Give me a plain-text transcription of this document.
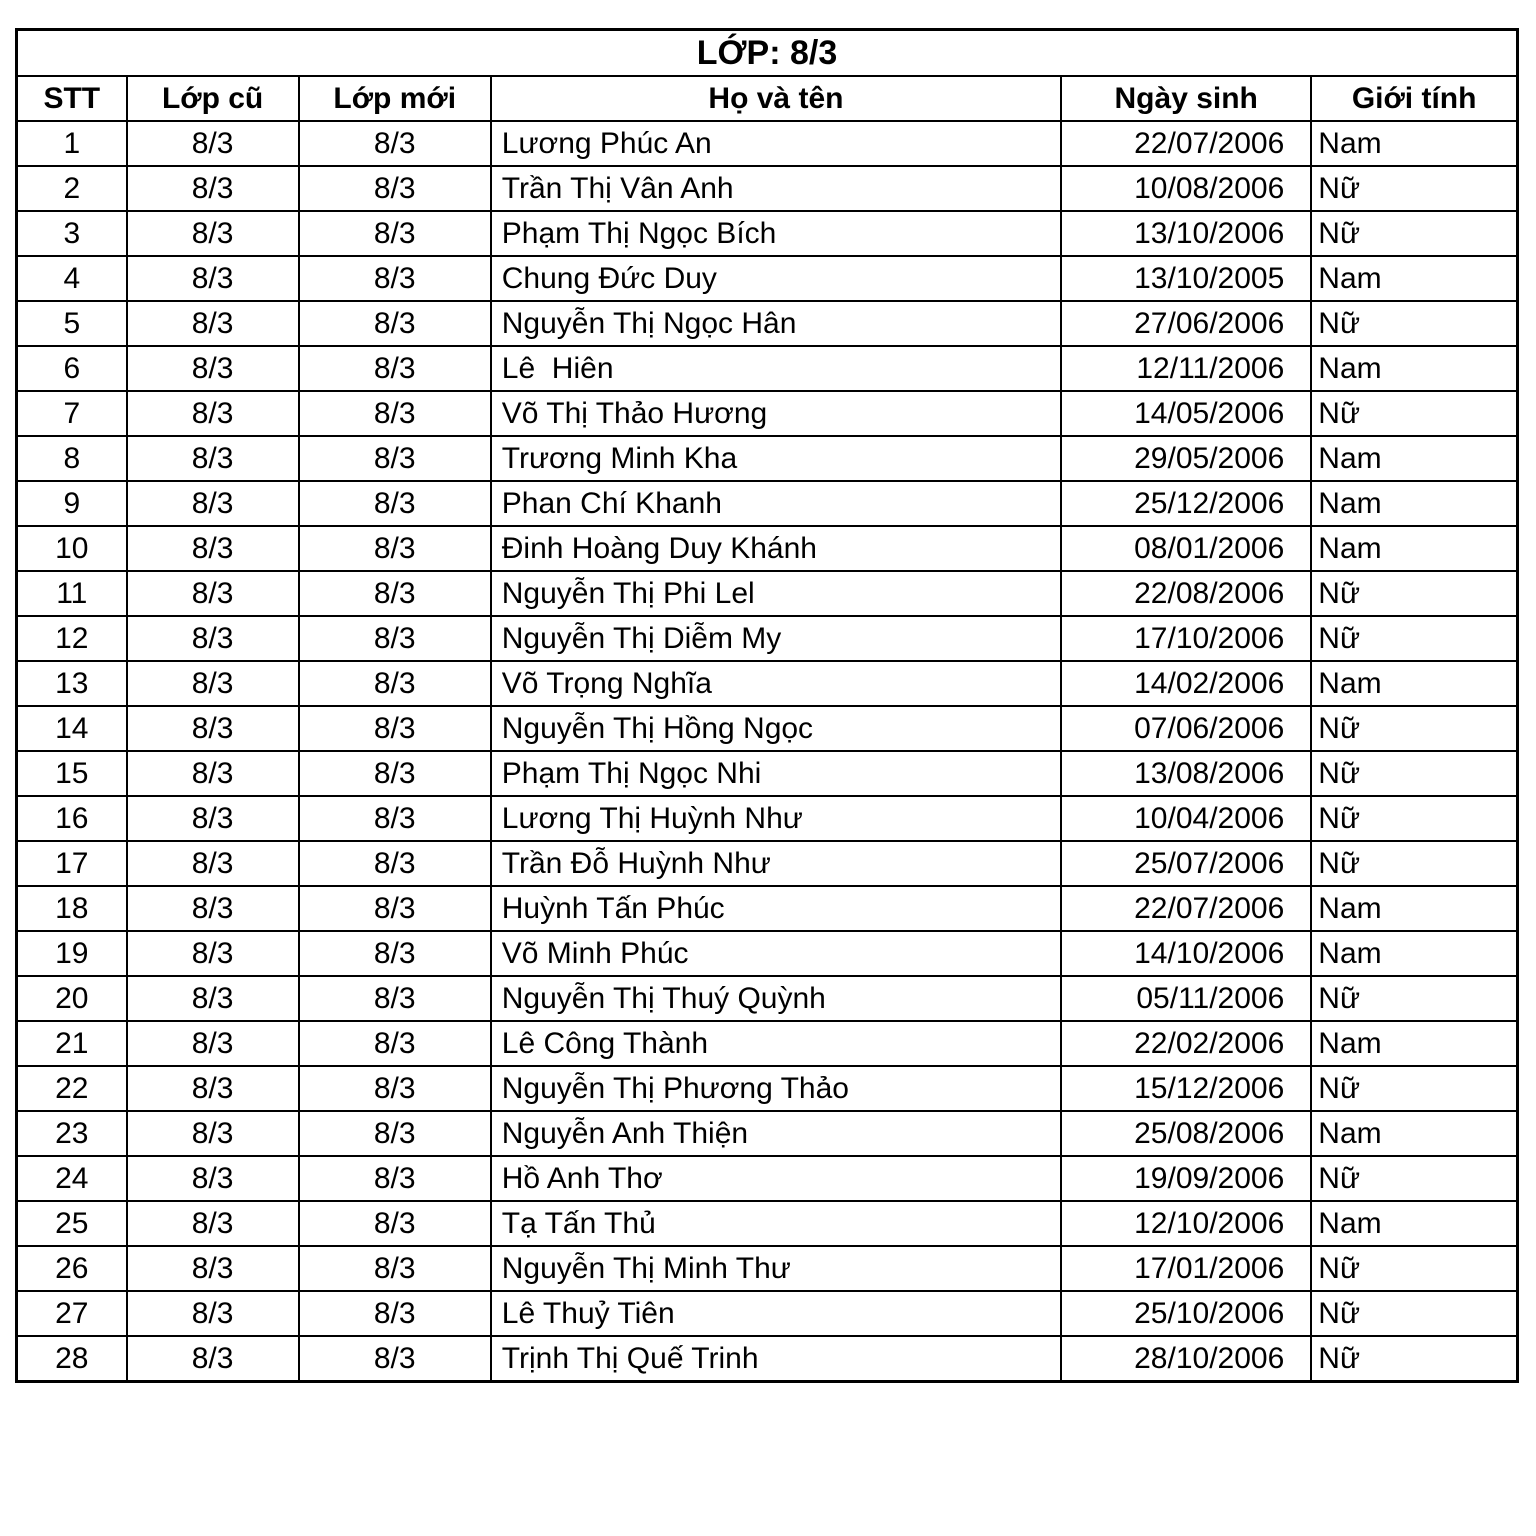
LỚP: 8/3					
STT	Lớp cũ	Lớp mới	Họ và tên	Ngày sinh	Giới tính
1	8/3	8/3	Lương Phúc An	22/07/2006	Nam
2	8/3	8/3	Trần Thị Vân Anh	10/08/2006	Nữ
3	8/3	8/3	Phạm Thị Ngọc Bích	13/10/2006	Nữ
4	8/3	8/3	Chung Đức Duy	13/10/2005	Nam
5	8/3	8/3	Nguyễn Thị Ngọc Hân	27/06/2006	Nữ
6	8/3	8/3	Lê  Hiên	12/11/2006	Nam
7	8/3	8/3	Võ Thị Thảo Hương	14/05/2006	Nữ
8	8/3	8/3	Trương Minh Kha	29/05/2006	Nam
9	8/3	8/3	Phan Chí Khanh	25/12/2006	Nam
10	8/3	8/3	Đinh Hoàng Duy Khánh	08/01/2006	Nam
11	8/3	8/3	Nguyễn Thị Phi Lel	22/08/2006	Nữ
12	8/3	8/3	Nguyễn Thị Diễm My	17/10/2006	Nữ
13	8/3	8/3	Võ Trọng Nghĩa	14/02/2006	Nam
14	8/3	8/3	Nguyễn Thị Hồng Ngọc	07/06/2006	Nữ
15	8/3	8/3	Phạm Thị Ngọc Nhi	13/08/2006	Nữ
16	8/3	8/3	Lương Thị Huỳnh Như	10/04/2006	Nữ
17	8/3	8/3	Trần Đỗ Huỳnh Như	25/07/2006	Nữ
18	8/3	8/3	Huỳnh Tấn Phúc	22/07/2006	Nam
19	8/3	8/3	Võ Minh Phúc	14/10/2006	Nam
20	8/3	8/3	Nguyễn Thị Thuý Quỳnh	05/11/2006	Nữ
21	8/3	8/3	Lê Công Thành	22/02/2006	Nam
22	8/3	8/3	Nguyễn Thị Phương Thảo	15/12/2006	Nữ
23	8/3	8/3	Nguyễn Anh Thiện	25/08/2006	Nam
24	8/3	8/3	Hồ Anh Thơ	19/09/2006	Nữ
25	8/3	8/3	Tạ Tấn Thủ	12/10/2006	Nam
26	8/3	8/3	Nguyễn Thị Minh Thư	17/01/2006	Nữ
27	8/3	8/3	Lê Thuỷ Tiên	25/10/2006	Nữ
28	8/3	8/3	Trịnh Thị Quế Trinh	28/10/2006	Nữ
